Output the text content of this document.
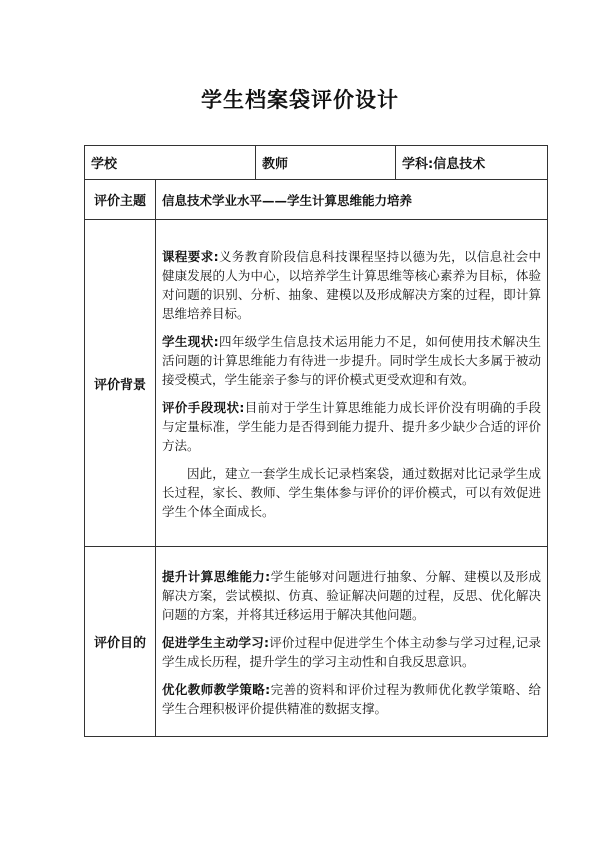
学生档案袋评价设计
学校		教师	学科:信息技术
评价主题	信息技术学业水平——学生计算思维能力培养		
评价背景	课程要求:义务教育阶段信息科技课程坚持以德为先，以信息社会中健康发展的人为中心，以培养学生计算思维等核心素养为目标，体验对问题的识别、分析、抽象、建模以及形成解决方案的过程，即计算思维培养目标。

学生现状:四年级学生信息技术运用能力不足，如何使用技术解决生活问题的计算思维能力有待进一步提升。同时学生成长大多属于被动接受模式，学生能亲子参与的评价模式更受欢迎和有效。

评价手段现状:目前对于学生计算思维能力成长评价没有明确的手段与定量标准，学生能力是否得到能力提升、提升多少缺少合适的评价方法。

因此，建立一套学生成长记录档案袋，通过数据对比记录学生成长过程，家长、教师、学生集体参与评价的评价模式，可以有效促进学生个体全面成长。		

评价目的	提升计算思维能力:学生能够对问题进行抽象、分解、建模以及形成解决方案，尝试模拟、仿真、验证解决问题的过程，反思、优化解决问题的方案，并将其迁移运用于解决其他问题。

促进学生主动学习:评价过程中促进学生个体主动参与学习过程,记录学生成长历程，提升学生的学习主动性和自我反思意识。

优化教师教学策略:完善的资料和评价过程为教师优化教学策略、给学生合理积极评价提供精准的数据支撑。		
